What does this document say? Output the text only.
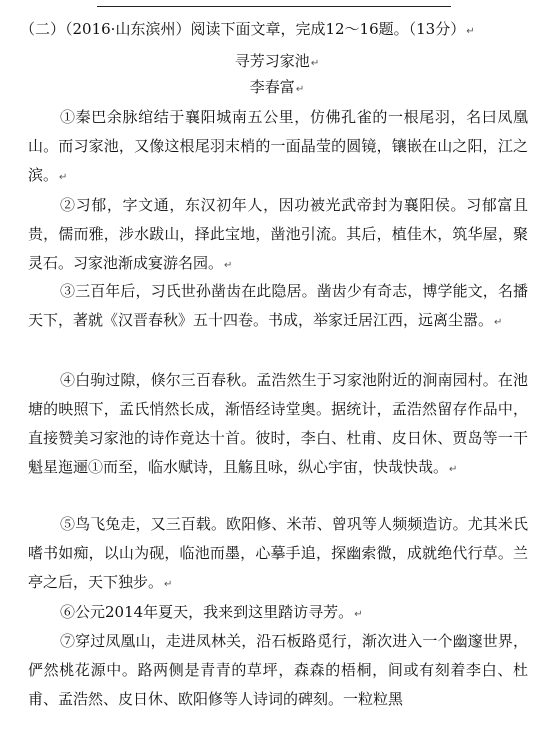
（二）（2016·山东滨州）阅读下面文章，完成12～16题。（13分）↵
寻芳习家池↵
李春富↵
①秦巴余脉绾结于襄阳城南五公里，仿佛孔雀的一根尾羽，名曰凤凰山。而习家池，又像这根尾羽末梢的一面晶莹的圆镜，镶嵌在山之阳，江之滨。↵
②习郁，字文通，东汉初年人，因功被光武帝封为襄阳侯。习郁富且贵，儒而雅，涉水跋山，择此宝地，凿池引流。其后，植佳木，筑华屋，聚灵石。习家池渐成宴游名园。↵
③三百年后，习氏世孙凿齿在此隐居。凿齿少有奇志，博学能文，名播天下，著就《汉晋春秋》五十四卷。书成，举家迁居江西，远离尘嚣。↵
④白驹过隙，倏尔三百春秋。孟浩然生于习家池附近的涧南园村。在池塘的映照下，孟氏悄然长成，渐悟经诗堂奥。据统计，孟浩然留存作品中，直接赞美习家池的诗作竟达十首。彼时，李白、杜甫、皮日休、贾岛等一干魁星迤逦①而至，临水赋诗，且觞且咏，纵心宇宙，快哉快哉。↵
⑤鸟飞兔走，又三百载。欧阳修、米芾、曾巩等人频频造访。尤其米氏嗜书如痴，以山为砚，临池而墨，心摹手追，探幽索微，成就绝代行草。兰亭之后，天下独步。↵
⑥公元2014年夏天，我来到这里踏访寻芳。↵
⑦穿过凤凰山，走进凤林关，沿石板路觅行，渐次进入一个幽邃世界，俨然桃花源中。路两侧是青青的草坪，森森的梧桐，间或有刻着李白、杜甫、孟浩然、皮日休、欧阳修等人诗词的碑刻。一粒粒黑
